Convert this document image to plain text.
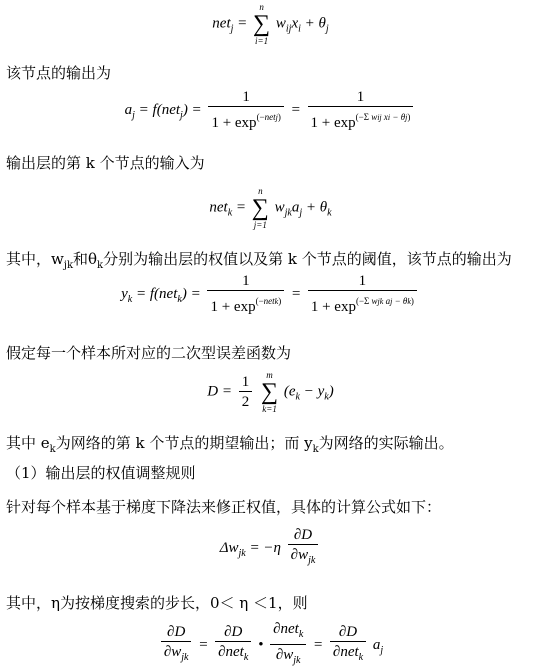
net$_j$ =
n
∑
i=1
$w_{ij}x_i + \theta_j$
该节点的输出为
$a_j = f(net_j) = \frac{1}{1 + \exp^{(-netj)}} = \frac{1}{1 + \exp^{(-\Sigma wij xi - \theta j)}}$
输出层的第 k 个节点的输入为
net$_k$ =
n
∑
j=1
$w_{jk}a_j + \theta_k$
其中，$w_{jk}$和$\theta_k$分别为输出层的权值以及第 k 个节点的阈值，该节点的输出为
$y_k = f(net_k) = \frac{1}{1 + \exp^{(-netk)}} = \frac{1}{1 + \exp^{(-\Sigma wjk aj - \theta k)}}$
假定每一个样本所对应的二次型误差函数为
$D = \frac{1}{2}$
	m
∑
k=1
$(e_k - y_k)$
其中 $e_k$为网络的第 k 个节点的期望输出；而 $y_k$为网络的实际输出。
（1）输出层的权值调整规则
针对每个样本基于梯度下降法来修正权值，具体的计算公式如下：
$\Delta w_{jk} = -\eta \frac{\partial D}{\partial w_{jk}}$
其中，η为按梯度搜索的步长，0＜ η ＜1，则
$\frac{\partial D}{\partial w_{jk}} = \frac{\partial D}{\partial net_k}$ • $\frac{\partial net_k}{\partial w_{jk}} = \frac{\partial D}{\partial net_k} a_j$
